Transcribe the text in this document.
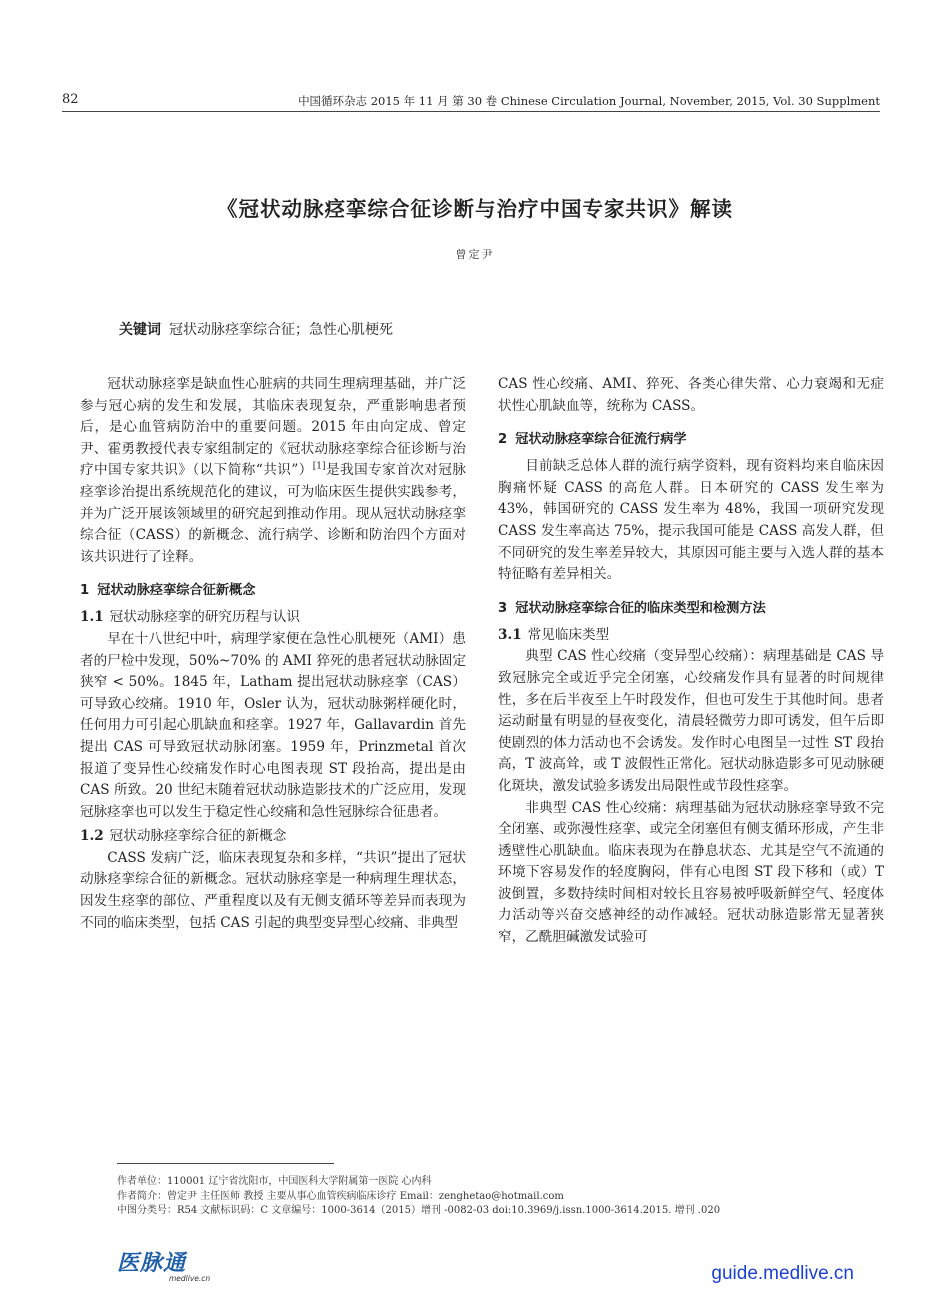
82	中国循环杂志 2015 年 11 月 第 30 卷 Chinese Circulation Journal, November, 2015, Vol. 30 Supplment
《冠状动脉痉挛综合征诊断与治疗中国专家共识》解读
曾定尹
关键词 冠状动脉痉挛综合征；急性心肌梗死

冠状动脉痉挛是缺血性心脏病的共同生理病理基础，并广泛参与冠心病的发生和发展，其临床表现复杂，严重影响患者预后，是心血管病防治中的重要问题。2015 年由向定成、曾定尹、霍勇教授代表专家组制定的《冠状动脉痉挛综合征诊断与治疗中国专家共识》（以下简称“共识”）[1]是我国专家首次对冠脉痉挛诊治提出系统规范化的建议，可为临床医生提供实践参考，并为广泛开展该领域里的研究起到推动作用。现从冠状动脉痉挛综合征（CASS）的新概念、流行病学、诊断和防治四个方面对该共识进行了诠释。

1 冠状动脉痉挛综合征新概念
1.1 冠状动脉痉挛的研究历程与认识

早在十八世纪中叶，病理学家便在急性心肌梗死（AMI）患者的尸检中发现，50%~70% 的 AMI 猝死的患者冠状动脉固定狭窄 < 50%。1845 年，Latham 提出冠状动脉痉挛（CAS）可导致心绞痛。1910 年，Osler 认为，冠状动脉粥样硬化时，任何用力可引起心肌缺血和痉挛。1927 年，Gallavardin 首先提出 CAS 可导致冠状动脉闭塞。1959 年，Prinzmetal 首次报道了变异性心绞痛发作时心电图表现 ST 段抬高，提出是由 CAS 所致。20 世纪末随着冠状动脉造影技术的广泛应用，发现冠脉痉挛也可以发生于稳定性心绞痛和急性冠脉综合征患者。

1.2 冠状动脉痉挛综合征的新概念

CASS 发病广泛，临床表现复杂和多样，“共识”提出了冠状动脉痉挛综合征的新概念。冠状动脉痉挛是一种病理生理状态，因发生痉挛的部位、严重程度以及有无侧支循环等差异而表现为不同的临床类型，包括 CAS 引起的典型变异型心绞痛、非典型

CAS 性心绞痛、AMI、猝死、各类心律失常、心力衰竭和无症状性心肌缺血等，统称为 CASS。

2 冠状动脉痉挛综合征流行病学

目前缺乏总体人群的流行病学资料，现有资料均来自临床因胸痛怀疑 CASS 的高危人群。日本研究的 CASS 发生率为 43%，韩国研究的 CASS 发生率为 48%，我国一项研究发现 CASS 发生率高达 75%，提示我国可能是 CASS 高发人群，但不同研究的发生率差异较大，其原因可能主要与入选人群的基本特征略有差异相关。

3 冠状动脉痉挛综合征的临床类型和检测方法
3.1 常见临床类型

典型 CAS 性心绞痛（变异型心绞痛）：病理基础是 CAS 导致冠脉完全或近乎完全闭塞，心绞痛发作具有显著的时间规律性，多在后半夜至上午时段发作，但也可发生于其他时间。患者运动耐量有明显的昼夜变化，清晨轻微劳力即可诱发，但午后即使剧烈的体力活动也不会诱发。发作时心电图呈一过性 ST 段抬高，T 波高耸，或 T 波假性正常化。冠状动脉造影多可见动脉硬化斑块，激发试验多诱发出局限性或节段性痉挛。

非典型 CAS 性心绞痛：病理基础为冠状动脉痉挛导致不完全闭塞、或弥漫性痉挛、或完全闭塞但有侧支循环形成，产生非透壁性心肌缺血。临床表现为在静息状态、尤其是空气不流通的环境下容易发作的轻度胸闷，伴有心电图 ST 段下移和（或）T 波倒置，多数持续时间相对较长且容易被呼吸新鲜空气、轻度体力活动等兴奋交感神经的动作减轻。冠状动脉造影常无显著狭窄，乙酰胆碱激发试验可

作者单位：110001 辽宁省沈阳市，中国医科大学附属第一医院 心内科
作者简介：曾定尹 主任医师 教授 主要从事心血管疾病临床诊疗 Email：zenghetao@hotmail.com
中图分类号：R54 文献标识码：C 文章编号：1000-3614（2015）增刊 -0082-03 doi:10.3969/j.issn.1000-3614.2015. 增刊 .020
医脉通
medlive.cn	guide.medlive.cn
